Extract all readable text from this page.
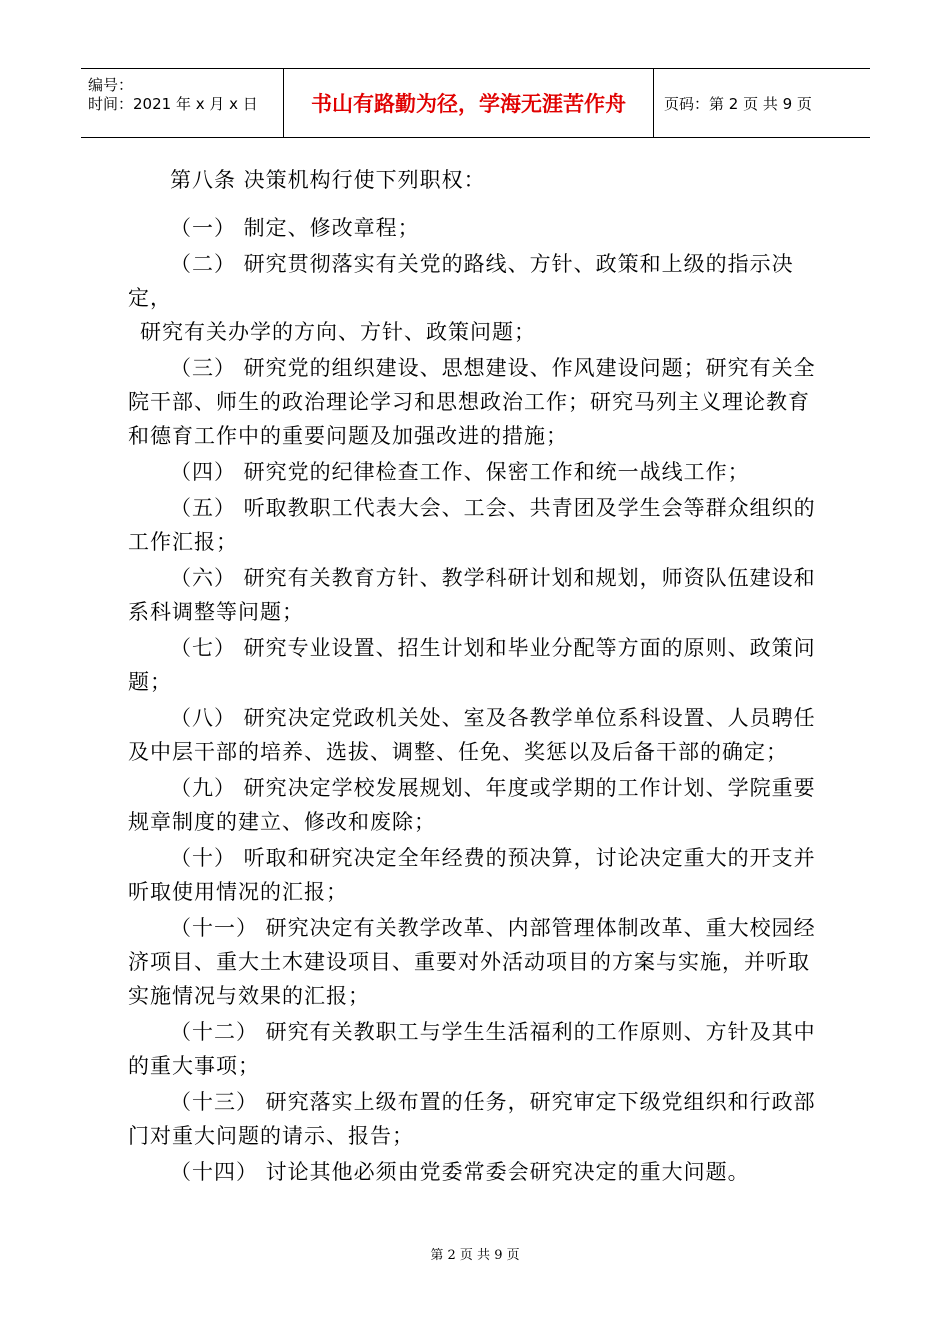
编号：
时间：2021 年 x 月 x 日	书山有路勤为径，学海无涯苦作舟	页码：第 2 页 共 9 页

第八条 决策机构行使下列职权：

（一） 制定、修改章程；

（二） 研究贯彻落实有关党的路线、方针、政策和上级的指示决定，
研究有关办学的方向、方针、政策问题；

（三） 研究党的组织建设、思想建设、作风建设问题；研究有关全院干部、师生的政治理论学习和思想政治工作；研究马列主义理论教育和德育工作中的重要问题及加强改进的措施；

（四） 研究党的纪律检查工作、保密工作和统一战线工作；

（五） 听取教职工代表大会、工会、共青团及学生会等群众组织的工作汇报；

（六） 研究有关教育方针、教学科研计划和规划，师资队伍建设和系科调整等问题；

（七） 研究专业设置、招生计划和毕业分配等方面的原则、政策问题；

（八） 研究决定党政机关处、室及各教学单位系科设置、人员聘任及中层干部的培养、选拔、调整、任免、奖惩以及后备干部的确定；

（九） 研究决定学校发展规划、年度或学期的工作计划、学院重要规章制度的建立、修改和废除；

（十） 听取和研究决定全年经费的预决算，讨论决定重大的开支并听取使用情况的汇报；

（十一） 研究决定有关教学改革、内部管理体制改革、重大校园经济项目、重大土木建设项目、重要对外活动项目的方案与实施，并听取实施情况与效果的汇报；

（十二） 研究有关教职工与学生生活福利的工作原则、方针及其中的重大事项；

（十三） 研究落实上级布置的任务，研究审定下级党组织和行政部门对重大问题的请示、报告；

（十四） 讨论其他必须由党委常委会研究决定的重大问题。

第 2 页 共 9 页
